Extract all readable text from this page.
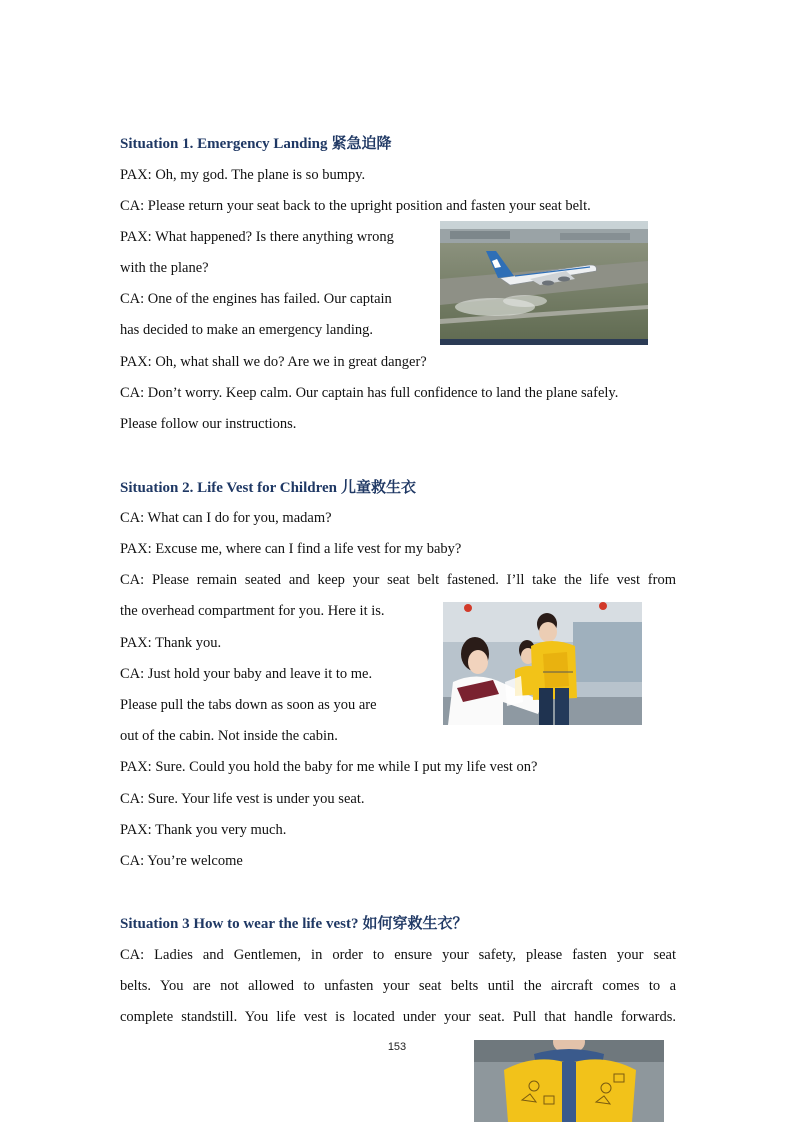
Situation 1. Emergency Landing 紧急迫降

PAX: Oh, my god. The plane is so bumpy.

CA: Please return your seat back to the upright position and fasten your seat belt.

PAX: What happened? Is there anything wrong

with the plane?

CA: One of the engines has failed. Our captain

has decided to make an emergency landing.

PAX: Oh, what shall we do? Are we in great danger?

CA: Don’t worry. Keep calm. Our captain has full confidence to land the plane safely.

Please follow our instructions.

Situation 2. Life Vest for Children 儿童救生衣

CA: What can I do for you, madam?

PAX: Excuse me, where can I find a life vest for my baby?

CA: Please remain seated and keep your seat belt fastened. I’ll take the life vest from

the overhead compartment for you. Here it is.

PAX: Thank you.

CA: Just hold your baby and leave it to me.

Please pull the tabs down as soon as you are

out of the cabin. Not inside the cabin.

PAX: Sure. Could you hold the baby for me while I put my life vest on?

CA: Sure. Your life vest is under you seat.

PAX: Thank you very much.

CA: You’re welcome

Situation 3 How to wear the life vest? 如何穿救生衣？

CA: Ladies and Gentlemen, in order to ensure your safety, please fasten your seat

belts. You are not allowed to unfasten your seat belts until the aircraft comes to a

complete standstill. You life vest is located under your seat. Pull that handle forwards.

153
